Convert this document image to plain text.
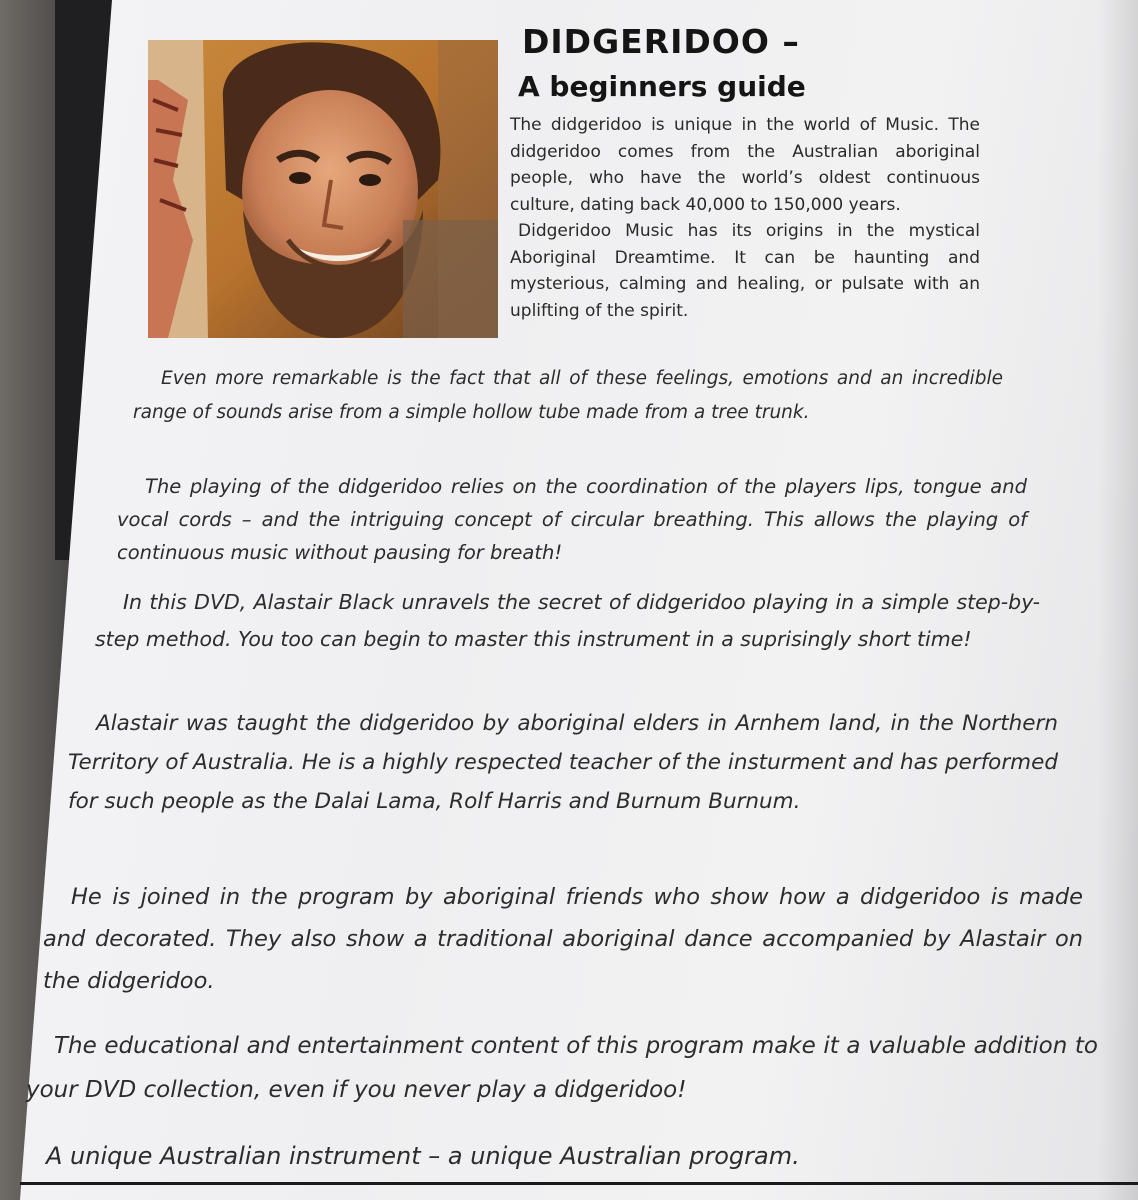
DIDGERIDOO –
A beginners guide

The didgeridoo is unique in the world of Music. The didgeridoo comes from the Australian aboriginal people, who have the world’s oldest continuous culture, dating back 40,000 to 150,000 years.

Didgeridoo Music has its origins in the mystical Aboriginal Dreamtime. It can be haunting and mysterious, calming and healing, or pulsate with an uplifting of the spirit.

Even more remarkable is the fact that all of these feelings, emotions and an incredible range of sounds arise from a simple hollow tube made from a tree trunk.

The playing of the didgeridoo relies on the coordination of the players lips, tongue and vocal cords – and the intriguing concept of circular breathing. This allows the playing of continuous music without pausing for breath!

In this DVD, Alastair Black unravels the secret of didgeridoo playing in a simple step-by-step method. You too can begin to master this instrument in a suprisingly short time!

Alastair was taught the didgeridoo by aboriginal elders in Arnhem land, in the Northern Territory of Australia. He is a highly respected teacher of the insturment and has performed for such people as the Dalai Lama, Rolf Harris and Burnum Burnum.

He is joined in the program by aboriginal friends who show how a didgeridoo is made and decorated. They also show a traditional aboriginal dance accompanied by Alastair on the didgeridoo.

The educational and entertainment content of this program make it a valuable addition to your DVD collection, even if you never play a didgeridoo!

A unique Australian instrument – a unique Australian program.
